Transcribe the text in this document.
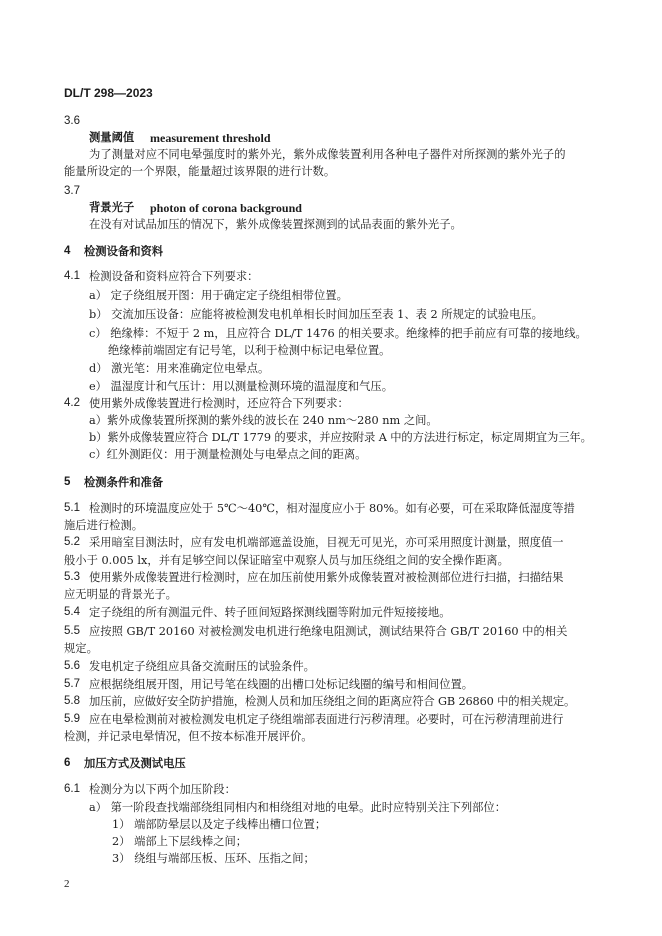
DL/T 298—2023
3.6
测量阈值 measurement threshold
为了测量对应不同电晕强度时的紫外光，紫外成像装置利用各种电子器件对所探测的紫外光子的
能量所设定的一个界限，能量超过该界限的进行计数。
3.7
背景光子 photon of corona background
在没有对试品加压的情况下，紫外成像装置探测到的试品表面的紫外光子。
4 检测设备和资料
4.1 检测设备和资料应符合下列要求：
a） 定子绕组展开图：用于确定定子绕组相带位置。
b） 交流加压设备：应能将被检测发电机单相长时间加压至表 1、表 2 所规定的试验电压。
c） 绝缘棒：不短于 2 m，且应符合 DL/T 1476 的相关要求。绝缘棒的把手前应有可靠的接地线。
绝缘棒前端固定有记号笔，以利于检测中标记电晕位置。
d） 激光笔：用来准确定位电晕点。
e） 温湿度计和气压计：用以测量检测环境的温湿度和气压。
4.2 使用紫外成像装置进行检测时，还应符合下列要求：
a）紫外成像装置所探测的紫外线的波长在 240 nm～280 nm 之间。
b）紫外成像装置应符合 DL/T 1779 的要求，并应按附录 A 中的方法进行标定，标定周期宜为三年。
c）红外测距仪：用于测量检测处与电晕点之间的距离。
5 检测条件和准备
5.1 检测时的环境温度应处于 5℃～40℃，相对湿度应小于 80%。如有必要，可在采取降低湿度等措
施后进行检测。
5.2 采用暗室目测法时，应有发电机端部遮盖设施，目视无可见光，亦可采用照度计测量，照度值一
般小于 0.005 lx，并有足够空间以保证暗室中观察人员与加压绕组之间的安全操作距离。
5.3 使用紫外成像装置进行检测时，应在加压前使用紫外成像装置对被检测部位进行扫描，扫描结果
应无明显的背景光子。
5.4 定子绕组的所有测温元件、转子匝间短路探测线圈等附加元件短接接地。
5.5 应按照 GB/T 20160 对被检测发电机进行绝缘电阻测试，测试结果符合 GB/T 20160 中的相关
规定。
5.6 发电机定子绕组应具备交流耐压的试验条件。
5.7 应根据绕组展开图，用记号笔在线圈的出槽口处标记线圈的编号和相间位置。
5.8 加压前，应做好安全防护措施，检测人员和加压绕组之间的距离应符合 GB 26860 中的相关规定。
5.9 应在电晕检测前对被检测发电机定子绕组端部表面进行污秽清理。必要时，可在污秽清理前进行
检测，并记录电晕情况，但不按本标准开展评价。
6 加压方式及测试电压
6.1 检测分为以下两个加压阶段：
a） 第一阶段查找端部绕组同相内和相绕组对地的电晕。此时应特别关注下列部位：
1） 端部防晕层以及定子线棒出槽口位置；
2） 端部上下层线棒之间；
3） 绕组与端部压板、压环、压指之间；
2
